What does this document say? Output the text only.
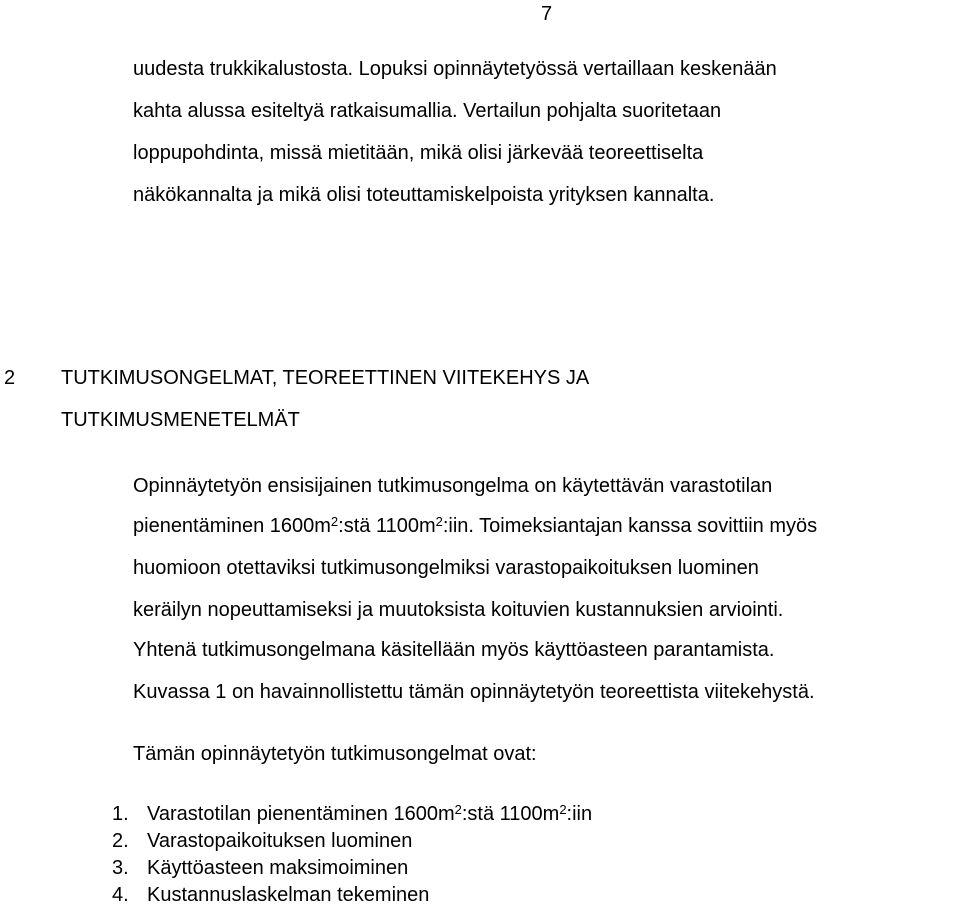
7
uudesta trukkikalustosta. Lopuksi opinnäytetyössä vertaillaan keskenään
kahta alussa esiteltyä ratkaisumallia. Vertailun pohjalta suoritetaan
loppupohdinta, missä mietitään, mikä olisi järkevää teoreettiselta
näkökannalta ja mikä olisi toteuttamiskelpoista yrityksen kannalta.
2 TUTKIMUSONGELMAT, TEOREETTINEN VIITEKEHYS JA
TUTKIMUSMENETELMÄT
Opinnäytetyön ensisijainen tutkimusongelma on käytettävän varastotilan
pienentäminen $1600m^2:stä$ $1100m^2:iin$. Toimeksiantajan kanssa sovittiin myös
huomioon otettaviksi tutkimusongelmiksi varastopaikoituksen luominen
keräilyn nopeuttamiseksi ja muutoksista koituvien kustannuksien arviointi.
Yhtenä tutkimusongelmana käsitellään myös käyttöasteen parantamista.
Kuvassa 1 on havainnollistettu tämän opinnäytetyön teoreettista viitekehystä.
Tämän opinnäytetyön tutkimusongelmat ovat:
1. Varastotilan pienentäminen $1600m^2:stä$ $1100m^2:iin$
2. Varastopaikoituksen luominen
3. Käyttöasteen maksimoiminen
4. Kustannuslaskelman tekeminen
